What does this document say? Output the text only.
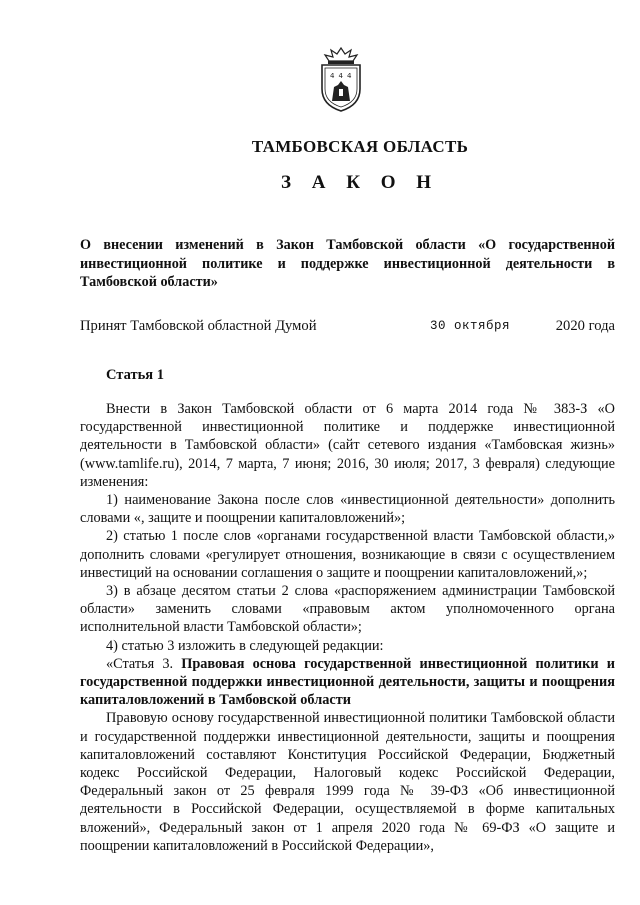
4 4 4
ТАМБОВСКАЯ ОБЛАСТЬ
З А К О Н
О внесении изменений в Закон Тамбовской области «О государственной инвестиционной политике и поддержке инвестиционной деятельности в Тамбовской области»
Принят Тамбовской областной Думой	30 октября	2020 года
Статья 1

Внести в Закон Тамбовской области от 6 марта 2014 года № 383-З «О государственной инвестиционной политике и поддержке инвестиционной деятельности в Тамбовской области» (сайт сетевого издания «Тамбовская жизнь» (www.tamlife.ru), 2014, 7 марта, 7 июня; 2016, 30 июля; 2017, 3 февраля) следующие изменения:

1) наименование Закона после слов «инвестиционной деятельности» дополнить словами «, защите и поощрении капиталовложений»;

2) статью 1 после слов «органами государственной власти Тамбовской области,» дополнить словами «регулирует отношения, возникающие в связи с осуществлением инвестиций на основании соглашения о защите и поощрении капиталовложений,»;

3) в абзаце десятом статьи 2 слова «распоряжением администрации Тамбовской области» заменить словами «правовым актом уполномоченного органа исполнительной власти Тамбовской области»;

4) статью 3 изложить в следующей редакции:

«Статья 3. Правовая основа государственной инвестиционной политики и государственной поддержки инвестиционной деятельности, защиты и поощрения капиталовложений в Тамбовской области

Правовую основу государственной инвестиционной политики Тамбовской области и государственной поддержки инвестиционной деятельности, защиты и поощрения капиталовложений составляют Конституция Российской Федерации, Бюджетный кодекс Российской Федерации, Налоговый кодекс Российской Федерации, Федеральный закон от 25 февраля 1999 года № 39-ФЗ «Об инвестиционной деятельности в Российской Федерации, осуществляемой в форме капитальных вложений», Федеральный закон от 1 апреля 2020 года № 69-ФЗ «О защите и поощрении капиталовложений в Российской Федерации»,
